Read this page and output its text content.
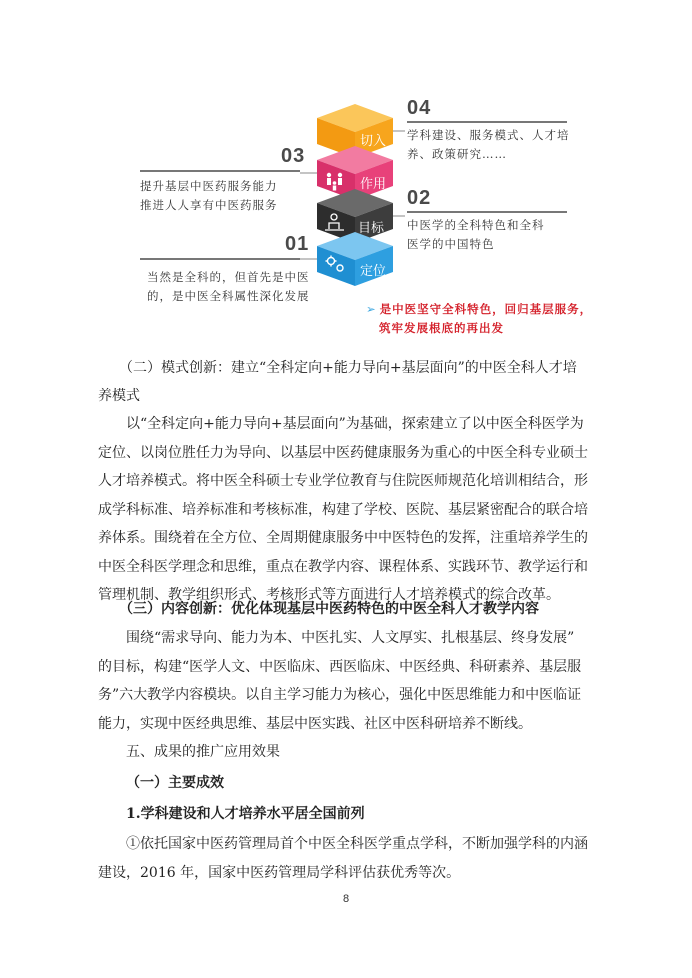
切入
作用
目标
定位
04
03
02
01
学科建设、服务模式、人才培
养、政策研究……
提升基层中医药服务能力
推进人人享有中医药服务
中医学的全科特色和全科
医学的中国特色
当然是全科的，但首先是中医
的，是中医全科属性深化发展
➢ 是中医坚守全科特色，回归基层服务，
筑牢发展根底的再出发
（二）模式创新：建立“全科定向+能力导向+基层面向”的中医全科人才培
养模式
以“全科定向+能力导向+基层面向”为基础，探索建立了以中医全科医学为
定位、以岗位胜任力为导向、以基层中医药健康服务为重心的中医全科专业硕士
人才培养模式。将中医全科硕士专业学位教育与住院医师规范化培训相结合，形
成学科标准、培养标准和考核标准，构建了学校、医院、基层紧密配合的联合培
养体系。围绕着在全方位、全周期健康服务中中医特色的发挥，注重培养学生的
中医全科医学理念和思维，重点在教学内容、课程体系、实践环节、教学运行和
管理机制、教学组织形式、考核形式等方面进行人才培养模式的综合改革。
（三）内容创新：优化体现基层中医药特色的中医全科人才教学内容
围绕“需求导向、能力为本、中医扎实、人文厚实、扎根基层、终身发展”
的目标，构建“医学人文、中医临床、西医临床、中医经典、科研素养、基层服
务”六大教学内容模块。以自主学习能力为核心，强化中医思维能力和中医临证
能力，实现中医经典思维、基层中医实践、社区中医科研培养不断线。
五、成果的推广应用效果
（一）主要成效
1.学科建设和人才培养水平居全国前列
①依托国家中医药管理局首个中医全科医学重点学科，不断加强学科的内涵
建设，2016 年，国家中医药管理局学科评估获优秀等次。
8
